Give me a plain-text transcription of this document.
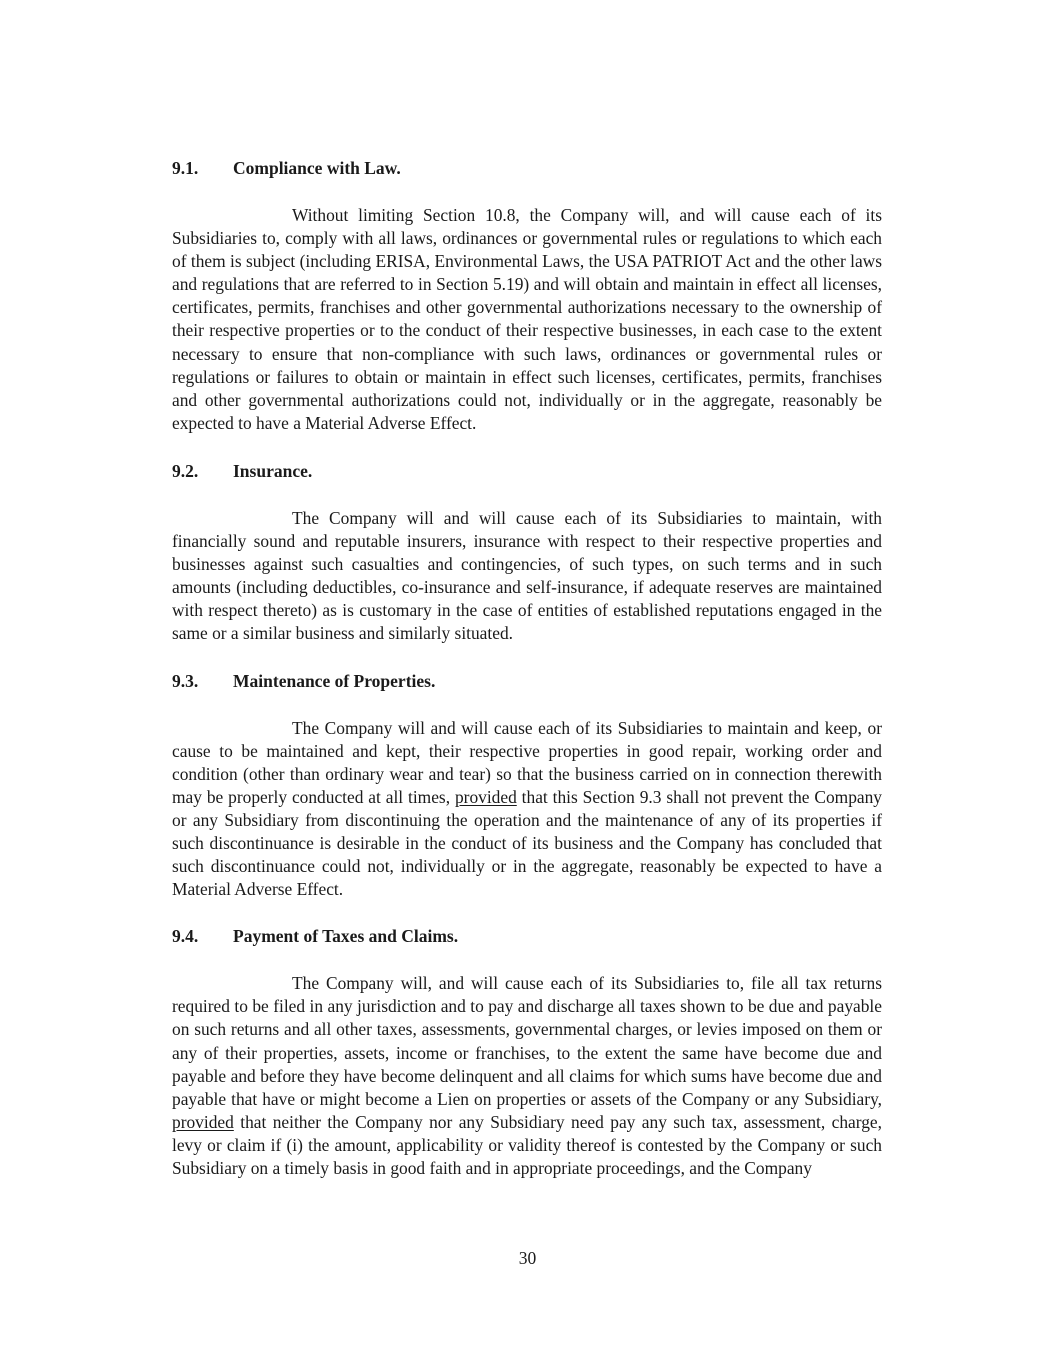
9.1. Compliance with Law.

Without limiting Section 10.8, the Company will, and will cause each of its Subsidiaries to, comply with all laws, ordinances or governmental rules or regulations to which each of them is subject (including ERISA, Environmental Laws, the USA PATRIOT Act and the other laws and regulations that are referred to in Section 5.19) and will obtain and maintain in effect all licenses, certificates, permits, franchises and other governmental authorizations necessary to the ownership of their respective properties or to the conduct of their respective businesses, in each case to the extent necessary to ensure that non-compliance with such laws, ordinances or governmental rules or regulations or failures to obtain or maintain in effect such licenses, certificates, permits, franchises and other governmental authorizations could not, individually or in the aggregate, reasonably be expected to have a Material Adverse Effect.

9.2. Insurance.

The Company will and will cause each of its Subsidiaries to maintain, with financially sound and reputable insurers, insurance with respect to their respective properties and businesses against such casualties and contingencies, of such types, on such terms and in such amounts (including deductibles, co-insurance and self-insurance, if adequate reserves are maintained with respect thereto) as is customary in the case of entities of established reputations engaged in the same or a similar business and similarly situated.

9.3. Maintenance of Properties.

The Company will and will cause each of its Subsidiaries to maintain and keep, or cause to be maintained and kept, their respective properties in good repair, working order and condition (other than ordinary wear and tear) so that the business carried on in connection therewith may be properly conducted at all times, provided that this Section 9.3 shall not prevent the Company or any Subsidiary from discontinuing the operation and the maintenance of any of its properties if such discontinuance is desirable in the conduct of its business and the Company has concluded that such discontinuance could not, individually or in the aggregate, reasonably be expected to have a Material Adverse Effect.

9.4. Payment of Taxes and Claims.

The Company will, and will cause each of its Subsidiaries to, file all tax returns required to be filed in any jurisdiction and to pay and discharge all taxes shown to be due and payable on such returns and all other taxes, assessments, governmental charges, or levies imposed on them or any of their properties, assets, income or franchises, to the extent the same have become due and payable and before they have become delinquent and all claims for which sums have become due and payable that have or might become a Lien on properties or assets of the Company or any Subsidiary, provided that neither the Company nor any Subsidiary need pay any such tax, assessment, charge, levy or claim if (i) the amount, applicability or validity thereof is contested by the Company or such Subsidiary on a timely basis in good faith and in appropriate proceedings, and the Company

30
